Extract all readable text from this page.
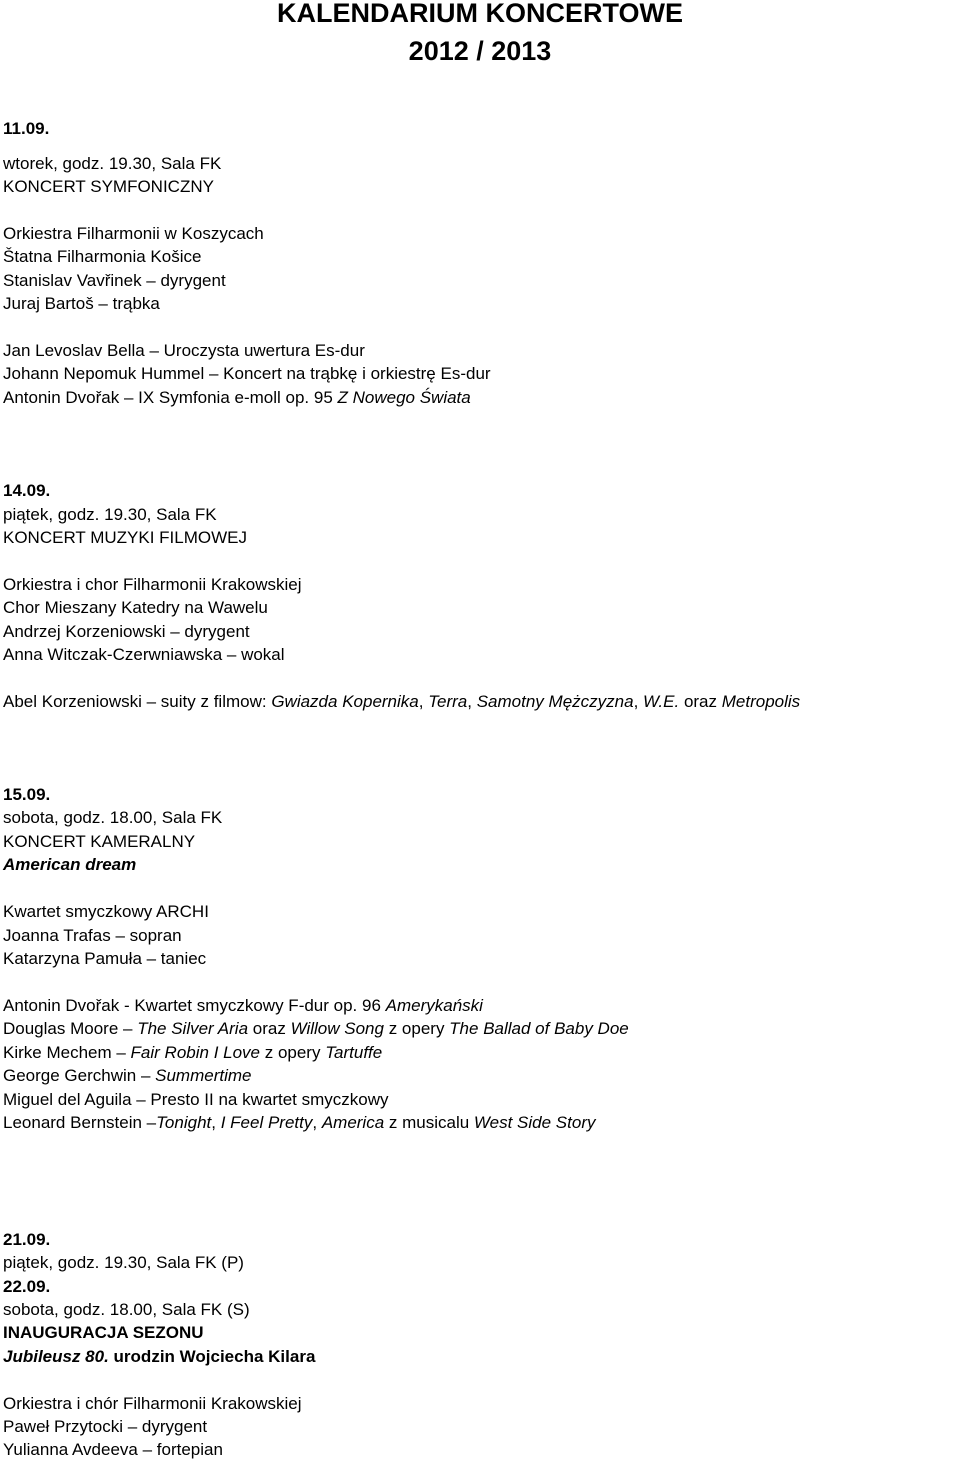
KALENDARIUM KONCERTOWE
2012 / 2013

11.09.

wtorek, godz. 19.30, Sala FK

KONCERT SYMFONICZNY

Orkiestra Filharmonii w Koszycach

Štatna Filharmonia Košice

Stanislav Vavřinek – dyrygent

Juraj Bartoš – trąbka

Jan Levoslav Bella – Uroczysta uwertura Es-dur

Johann Nepomuk Hummel – Koncert na trąbkę i orkiestrę Es-dur

Antonin Dvořak – IX Symfonia e-moll op. 95 Z Nowego Świata

14.09.

piątek, godz. 19.30, Sala FK

KONCERT MUZYKI FILMOWEJ

Orkiestra i chor Filharmonii Krakowskiej

Chor Mieszany Katedry na Wawelu

Andrzej Korzeniowski – dyrygent

Anna Witczak-Czerwniawska – wokal

Abel Korzeniowski – suity z filmow: Gwiazda Kopernika, Terra, Samotny Mężczyzna, W.E. oraz Metropolis

15.09.

sobota, godz. 18.00, Sala FK

KONCERT KAMERALNY

American dream

Kwartet smyczkowy ARCHI

Joanna Trafas – sopran

Katarzyna Pamuła – taniec

Antonin Dvořak - Kwartet smyczkowy F-dur op. 96 Amerykański

Douglas Moore – The Silver Aria oraz Willow Song z opery The Ballad of Baby Doe

Kirke Mechem – Fair Robin I Love z opery Tartuffe

George Gerchwin – Summertime

Miguel del Aguila – Presto II na kwartet smyczkowy

Leonard Bernstein –Tonight, I Feel Pretty, America z musicalu West Side Story

21.09.

piątek, godz. 19.30, Sala FK (P)

22.09.

sobota, godz. 18.00, Sala FK (S)

INAUGURACJA SEZONU

Jubileusz 80. urodzin Wojciecha Kilara

Orkiestra i chór Filharmonii Krakowskiej

Paweł Przytocki – dyrygent

Yulianna Avdeeva – fortepian
